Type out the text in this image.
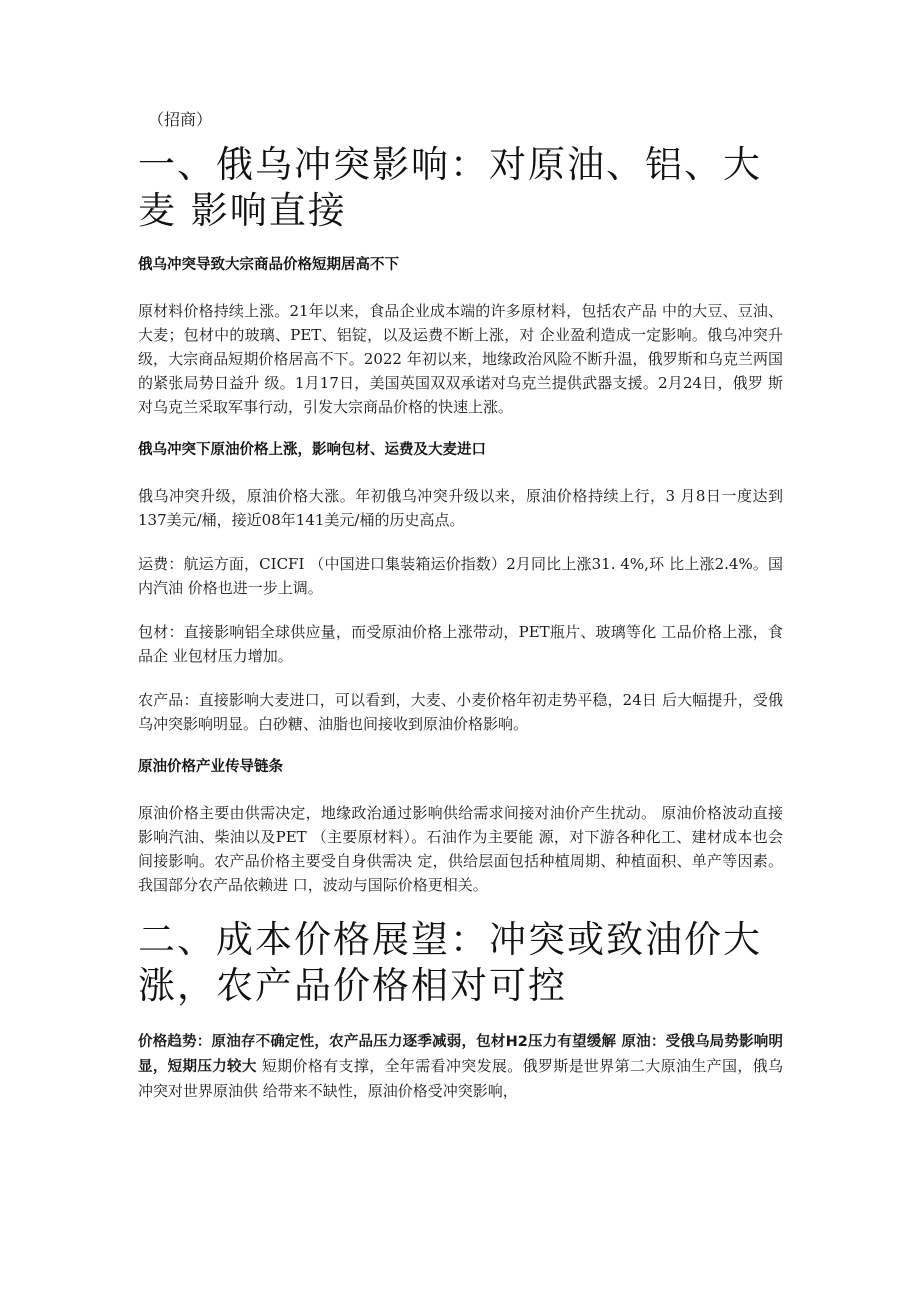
（招商）
一、俄乌冲突影响：对原油、铝、大麦 影响直接
俄乌冲突导致大宗商品价格短期居高不下

原材料价格持续上涨。21年以来，食品企业成本端的许多原材料，包括农产品 中的大豆、豆油、大麦；包材中的玻璃、PET、铝锭，以及运费不断上涨，对 企业盈利造成一定影响。俄乌冲突升级，大宗商品短期价格居高不下。2022 年初以来，地缘政治风险不断升温，俄罗斯和乌克兰两国的紧张局势日益升 级。1月17日，美国英国双双承诺对乌克兰提供武器支援。2月24日，俄罗 斯对乌克兰采取军事行动，引发大宗商品价格的快速上涨。

俄乌冲突下原油价格上涨，影响包材、运费及大麦进口

俄乌冲突升级，原油价格大涨。年初俄乌冲突升级以来，原油价格持续上行，3 月8日一度达到137美元/桶，接近08年141美元/桶的历史高点。

运费：航运方面，CICFI （中国进口集装箱运价指数）2月同比上涨31. 4%,环 比上涨2.4%。国内汽油 价格也进一步上调。

包材：直接影响铝全球供应量，而受原油价格上涨带动，PET瓶片、玻璃等化 工品价格上涨，食品企 业包材压力增加。

农产品：直接影响大麦进口，可以看到，大麦、小麦价格年初走势平稳，24日 后大幅提升，受俄乌冲突影响明显。白砂糖、油脂也间接收到原油价格影响。

原油价格产业传导链条

原油价格主要由供需决定，地缘政治通过影响供给需求间接对油价产生扰动。 原油价格波动直接影响汽油、柴油以及PET （主要原材料）。石油作为主要能 源，对下游各种化工、建材成本也会间接影响。农产品价格主要受自身供需决 定，供给层面包括种植周期、种植面积、单产等因素。我国部分农产品依赖进 口，波动与国际价格更相关。

二、成本价格展望：冲突或致油价大涨，农产品价格相对可控

价格趋势：原油存不确定性，农产品压力逐季减弱，包材H2压力有望缓解 原油：受俄乌局势影响明显，短期压力较大 短期价格有支撑，全年需看冲突发展。俄罗斯是世界第二大原油生产国，俄乌 冲突对世界原油供 给带来不缺性，原油价格受冲突影响，
